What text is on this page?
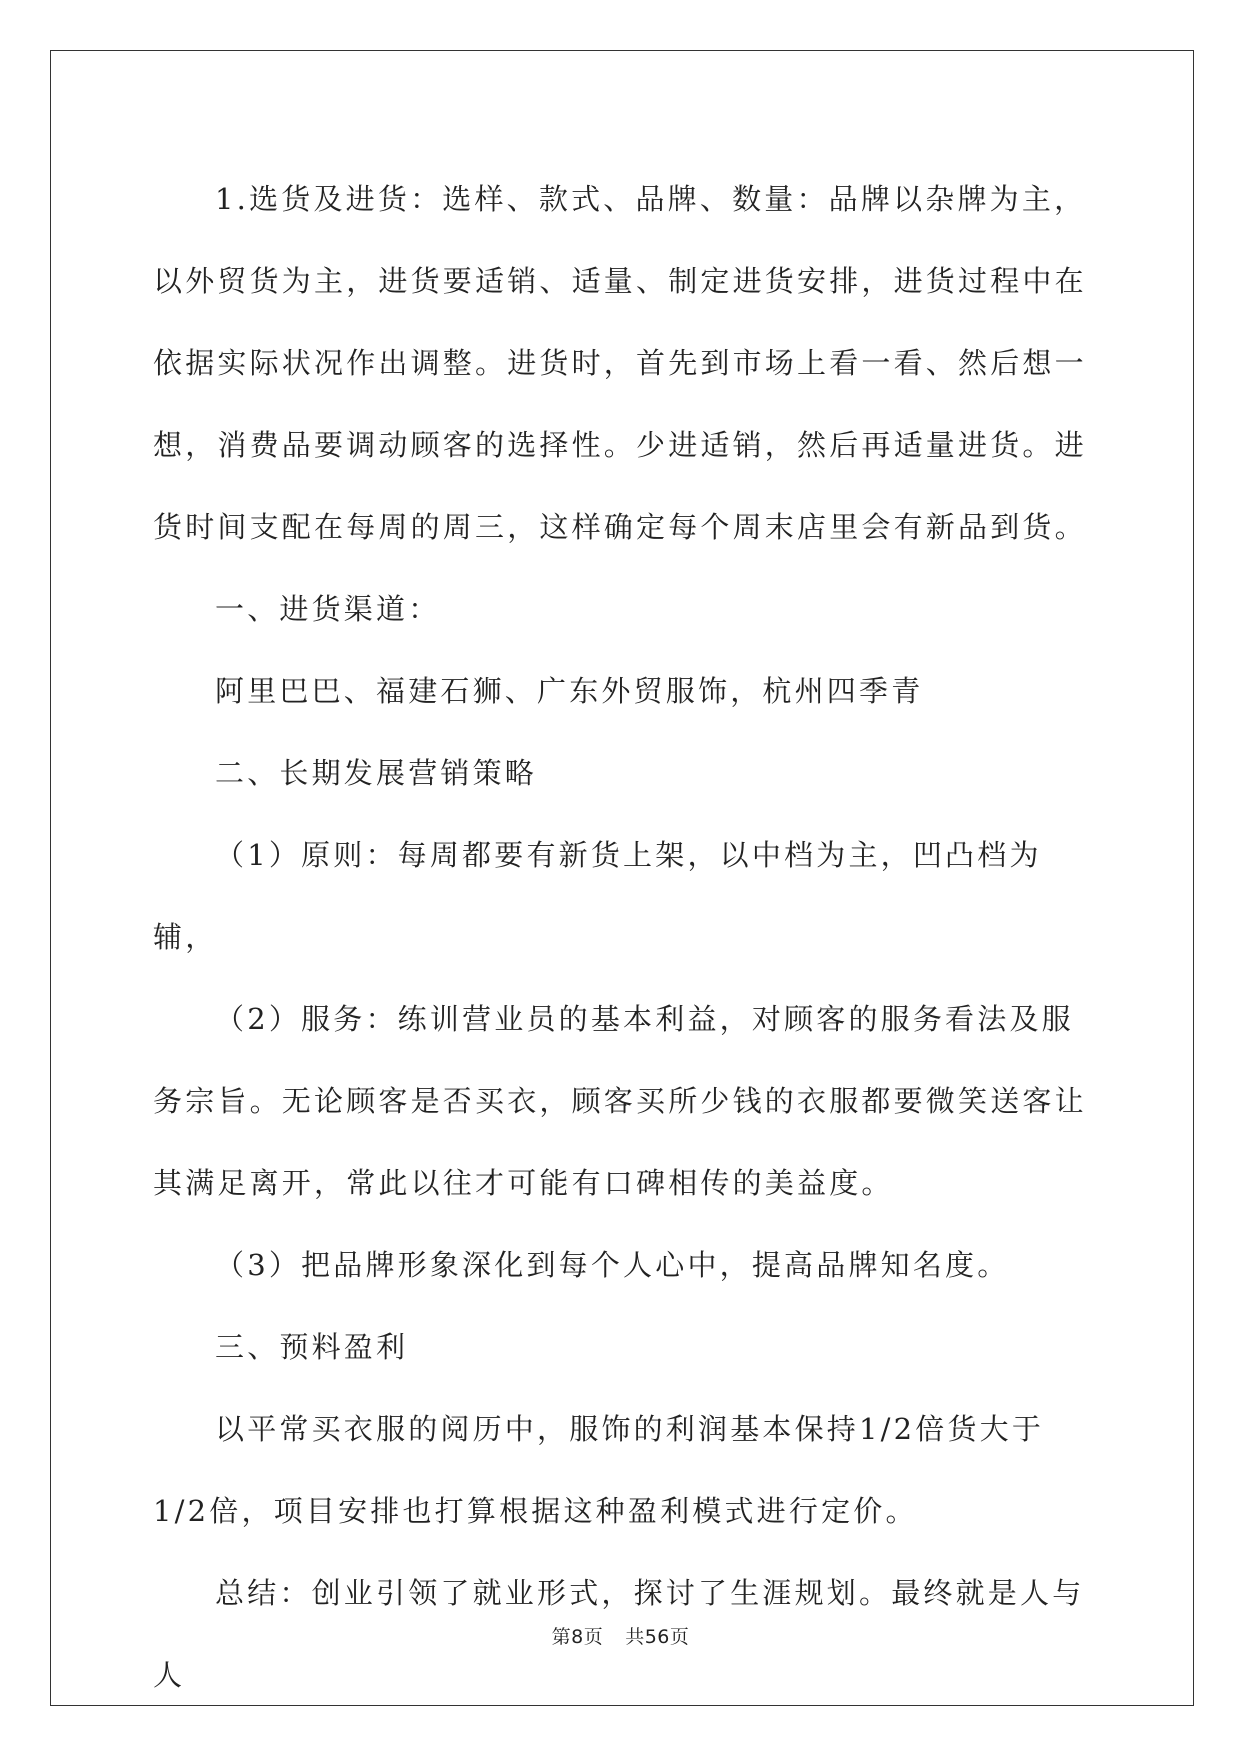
1.选货及进货：选样、款式、品牌、数量：品牌以杂牌为主，以外贸货为主，进货要适销、适量、制定进货安排，进货过程中在依据实际状况作出调整。进货时，首先到市场上看一看、然后想一想，消费品要调动顾客的选择性。少进适销，然后再适量进货。进货时间支配在每周的周三，这样确定每个周末店里会有新品到货。

一、进货渠道：

阿里巴巴、福建石狮、广东外贸服饰，杭州四季青

二、长期发展营销策略

（1）原则：每周都要有新货上架，以中档为主，凹凸档为辅，

（2）服务：练训营业员的基本利益，对顾客的服务看法及服务宗旨。无论顾客是否买衣，顾客买所少钱的衣服都要微笑送客让其满足离开，常此以往才可能有口碑相传的美益度。

（3）把品牌形象深化到每个人心中，提高品牌知名度。

三、预料盈利

以平常买衣服的阅历中，服饰的利润基本保持1/2倍货大于1/2倍，项目安排也打算根据这种盈利模式进行定价。

总结：创业引领了就业形式，探讨了生涯规划。最终就是人与人

第8页 共56页
